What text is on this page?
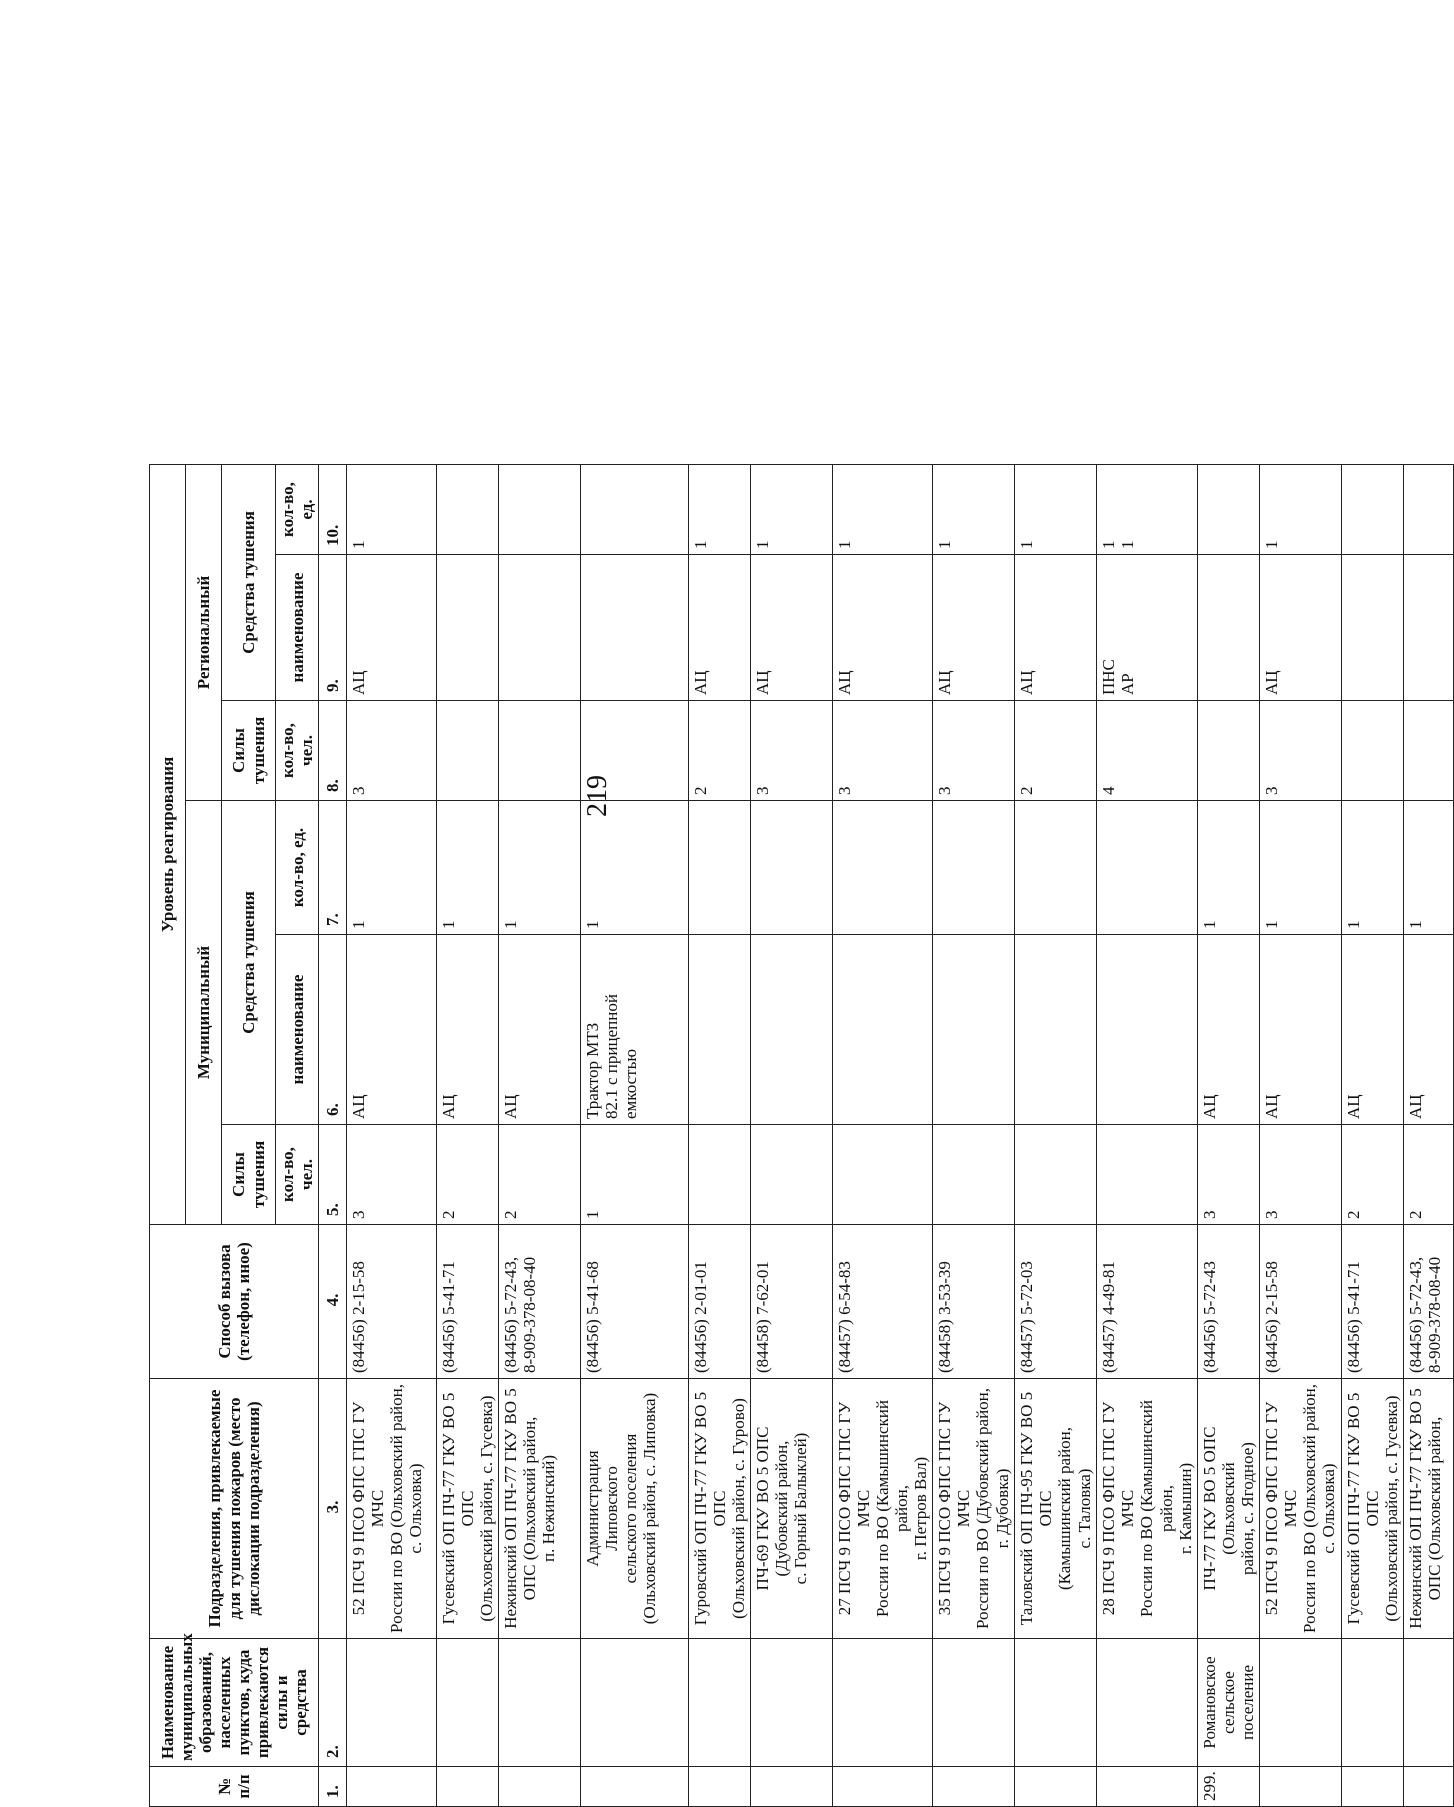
219
№ п/п	Наименование муниципальных образований, населенных пунктов, куда привлекаются силы и средства	Подразделения, привлекаемые для тушения пожаров (место дислокации подразделения)	Способ вызова (телефон, иное)	Уровень реагирования						
				Муниципальный			Региональный			
				Силы тушения	Средства тушения		Силы тушения	Средства тушения		
				кол-во, чел.	наименование	кол-во, ед.	кол-во, чел.	наименование	кол-во, ед.	
1.	2.	3.	4.	5.	6.	7.	8.	9.	10.	

		52 ПСЧ 9 ПСО ФПС ГПС ГУ МЧС России по ВО (Ольховский район, с. Ольховка)	(84456) 2-15-58	3	АЦ	1	3	АЦ	1	

		Гусевский ОП ПЧ-77 ГКУ ВО 5 ОПС (Ольховский район, с. Гусевка)	(84456) 5-41-71	2	АЦ	1				

		Нежинский ОП ПЧ-77 ГКУ ВО 5 ОПС (Ольховский район, п. Нежинский)	(84456) 5-72-43, 8-909-378-08-40	2	АЦ	1				

		Администрация Липовского сельского поселения (Ольховский район, с. Липовка)	(84456) 5-41-68	1	Трактор МТЗ 82.1 с прицепной емкостью	1				

		Гуровский ОП ПЧ-77 ГКУ ВО 5 ОПС (Ольховский район, с. Гурово)	(84456) 2-01-01				2	АЦ	1	

		ПЧ-69 ГКУ ВО 5 ОПС (Дубовский район, с. Горный Балыклей)	(84458) 7-62-01				3	АЦ	1	

		27 ПСЧ 9 ПСО ФПС ГПС ГУ МЧС России по ВО (Камышинский район, г. Петров Вал)	(84457) 6-54-83				3	АЦ	1	

		35 ПСЧ 9 ПСО ФПС ГПС ГУ МЧС России по ВО (Дубовский район, г. Дубовка)	(84458) 3-53-39				3	АЦ	1	

		Таловский ОП ПЧ-95 ГКУ ВО 5 ОПС (Камышинский район, с. Таловка)	(84457) 5-72-03				2	АЦ	1	

		28 ПСЧ 9 ПСО ФПС ГПС ГУ МЧС России по ВО (Камышинский район, г. Камышин)	(84457) 4-49-81				4	ПНС АР	1 1	

299.	Романовское сельское поселение	ПЧ-77 ГКУ ВО 5 ОПС (Ольховский район, с. Ягодное)	(84456) 5-72-43	3	АЦ	1				

		52 ПСЧ 9 ПСО ФПС ГПС ГУ МЧС России по ВО (Ольховский район, с. Ольховка)	(84456) 2-15-58	3	АЦ	1	3	АЦ	1	

		Гусевский ОП ПЧ-77 ГКУ ВО 5 ОПС (Ольховский район, с. Гусевка)	(84456) 5-41-71	2	АЦ	1				

		Нежинский ОП ПЧ-77 ГКУ ВО 5 ОПС (Ольховский район,	(84456) 5-72-43, 8-909-378-08-40	2	АЦ	1				
